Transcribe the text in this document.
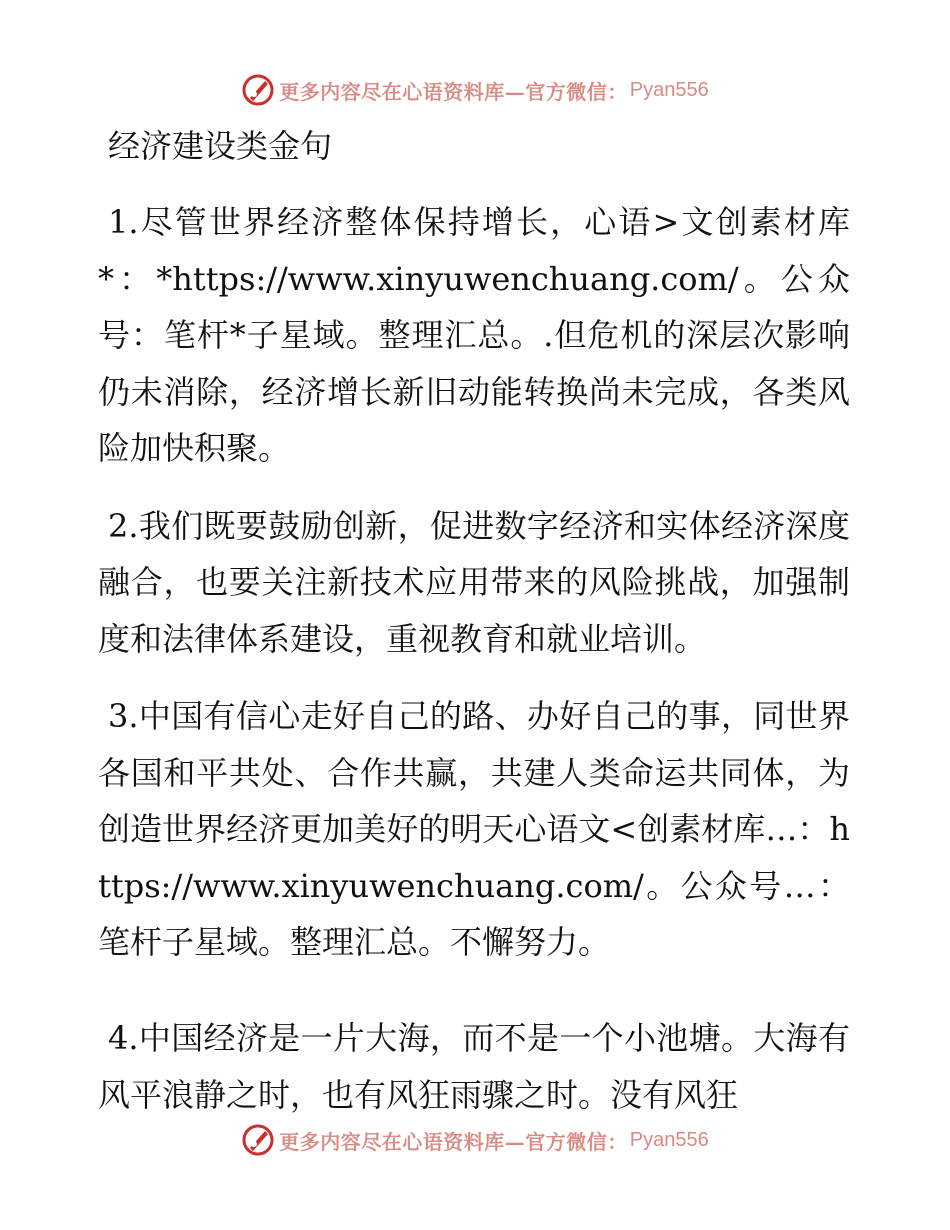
更多内容尽在心语资料库—官方微信： Pyan556
经济建设类金句
1.尽管世界经济整体保持增长，心语>文创素材库*：*https://www.xinyuwenchuang.com/。公众号：笔杆*子星域。整理汇总。.但危机的深层次影响仍未消除，经济增长新旧动能转换尚未完成，各类风险加快积聚。
2.我们既要鼓励创新，促进数字经济和实体经济深度融合，也要关注新技术应用带来的风险挑战，加强制度和法律体系建设，重视教育和就业培训。
3.中国有信心走好自己的路、办好自己的事，同世界各国和平共处、合作共赢，共建人类命运共同体，为创造世界经济更加美好的明天心语文<创素材库…：https://www.xinyuwenchuang.com/。公众号…：笔杆子星域。整理汇总。不懈努力。
4.中国经济是一片大海，而不是一个小池塘。大海有风平浪静之时，也有风狂雨骤之时。没有风狂
更多内容尽在心语资料库—官方微信： Pyan556
